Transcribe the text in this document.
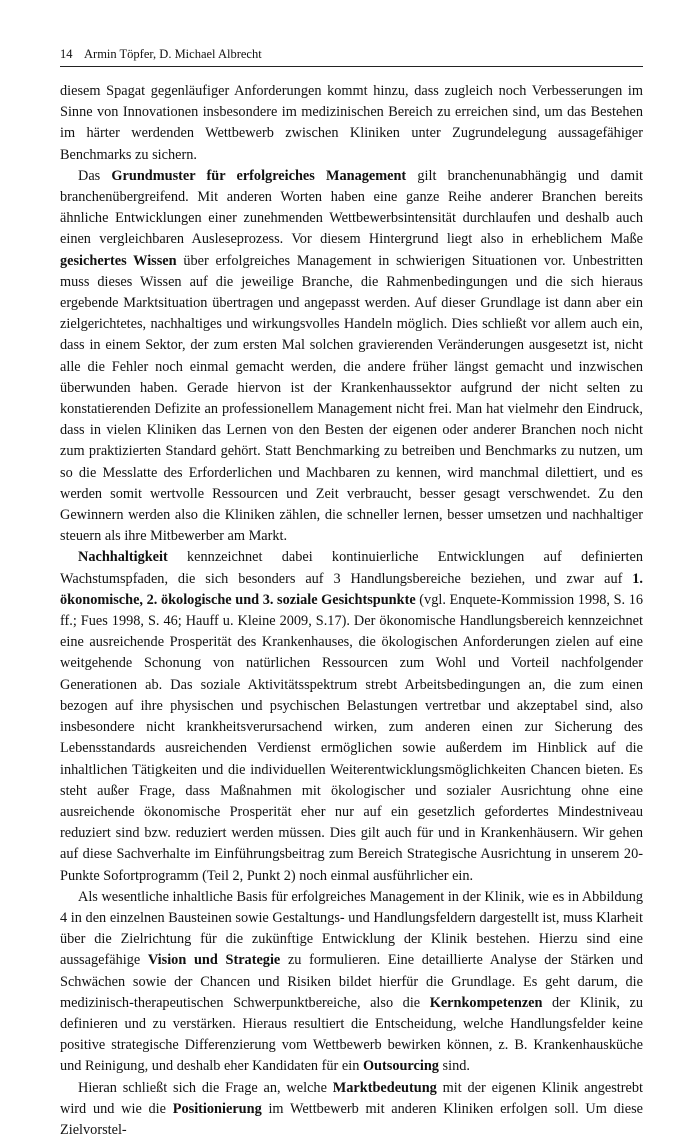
14 Armin Töpfer, D. Michael Albrecht

diesem Spagat gegenläufiger Anforderungen kommt hinzu, dass zugleich noch Verbesserungen im Sinne von Innovationen insbesondere im medizinischen Bereich zu erreichen sind, um das Bestehen im härter werdenden Wettbewerb zwischen Kliniken unter Zugrundelegung aussagefähiger Benchmarks zu sichern.

Das Grundmuster für erfolgreiches Management gilt branchenunabhängig und damit branchenübergreifend. Mit anderen Worten haben eine ganze Reihe anderer Branchen bereits ähnliche Entwicklungen einer zunehmenden Wettbewerbsintensität durchlaufen und deshalb auch einen vergleichbaren Ausleseprozess. Vor diesem Hintergrund liegt also in erheblichem Maße gesichertes Wissen über erfolgreiches Management in schwierigen Situationen vor. Unbestritten muss dieses Wissen auf die jeweilige Branche, die Rahmenbedingungen und die sich hieraus ergebende Marktsituation übertragen und angepasst werden. Auf dieser Grundlage ist dann aber ein zielgerichtetes, nachhaltiges und wirkungsvolles Handeln möglich. Dies schließt vor allem auch ein, dass in einem Sektor, der zum ersten Mal solchen gravierenden Veränderungen ausgesetzt ist, nicht alle die Fehler noch einmal gemacht werden, die andere früher längst gemacht und inzwischen überwunden haben. Gerade hiervon ist der Krankenhaussektor aufgrund der nicht selten zu konstatierenden Defizite an professionellem Management nicht frei. Man hat vielmehr den Eindruck, dass in vielen Kliniken das Lernen von den Besten der eigenen oder anderer Branchen noch nicht zum praktizierten Standard gehört. Statt Benchmarking zu betreiben und Benchmarks zu nutzen, um so die Messlatte des Erforderlichen und Machbaren zu kennen, wird manchmal dilettiert, und es werden somit wertvolle Ressourcen und Zeit verbraucht, besser gesagt verschwendet. Zu den Gewinnern werden also die Kliniken zählen, die schneller lernen, besser umsetzen und nachhaltiger steuern als ihre Mitbewerber am Markt.

Nachhaltigkeit kennzeichnet dabei kontinuierliche Entwicklungen auf definierten Wachstumspfaden, die sich besonders auf 3 Handlungsbereiche beziehen, und zwar auf 1. ökonomische, 2. ökologische und 3. soziale Gesichtspunkte (vgl. Enquete-Kommission 1998, S. 16 ff.; Fues 1998, S. 46; Hauff u. Kleine 2009, S.17). Der ökonomische Handlungsbereich kennzeichnet eine ausreichende Prosperität des Krankenhauses, die ökologischen Anforderungen zielen auf eine weitgehende Schonung von natürlichen Ressourcen zum Wohl und Vorteil nachfolgender Generationen ab. Das soziale Aktivitätsspektrum strebt Arbeitsbedingungen an, die zum einen bezogen auf ihre physischen und psychischen Belastungen vertretbar und akzeptabel sind, also insbesondere nicht krankheitsverursachend wirken, zum anderen einen zur Sicherung des Lebensstandards ausreichenden Verdienst ermöglichen sowie außerdem im Hinblick auf die inhaltlichen Tätigkeiten und die individuellen Weiterentwicklungsmöglichkeiten Chancen bieten. Es steht außer Frage, dass Maßnahmen mit ökologischer und sozialer Ausrichtung ohne eine ausreichende ökonomische Prosperität eher nur auf ein gesetzlich gefordertes Mindestniveau reduziert sind bzw. reduziert werden müssen. Dies gilt auch für und in Krankenhäusern. Wir gehen auf diese Sachverhalte im Einführungsbeitrag zum Bereich Strategische Ausrichtung in unserem 20-Punkte Sofortprogramm (Teil 2, Punkt 2) noch einmal ausführlicher ein.

Als wesentliche inhaltliche Basis für erfolgreiches Management in der Klinik, wie es in Abbildung 4 in den einzelnen Bausteinen sowie Gestaltungs- und Handlungsfeldern dargestellt ist, muss Klarheit über die Zielrichtung für die zukünftige Entwicklung der Klinik bestehen. Hierzu sind eine aussagefähige Vision und Strategie zu formulieren. Eine detaillierte Analyse der Stärken und Schwächen sowie der Chancen und Risiken bildet hierfür die Grundlage. Es geht darum, die medizinisch-therapeutischen Schwerpunktbereiche, also die Kernkompetenzen der Klinik, zu definieren und zu verstärken. Hieraus resultiert die Entscheidung, welche Handlungsfelder keine positive strategische Differenzierung vom Wettbewerb bewirken können, z. B. Krankenhausküche und Reinigung, und deshalb eher Kandidaten für ein Outsourcing sind.

Hieran schließt sich die Frage an, welche Marktbedeutung mit der eigenen Klinik angestrebt wird und wie die Positionierung im Wettbewerb mit anderen Kliniken erfolgen soll. Um diese Zielvorstel-
